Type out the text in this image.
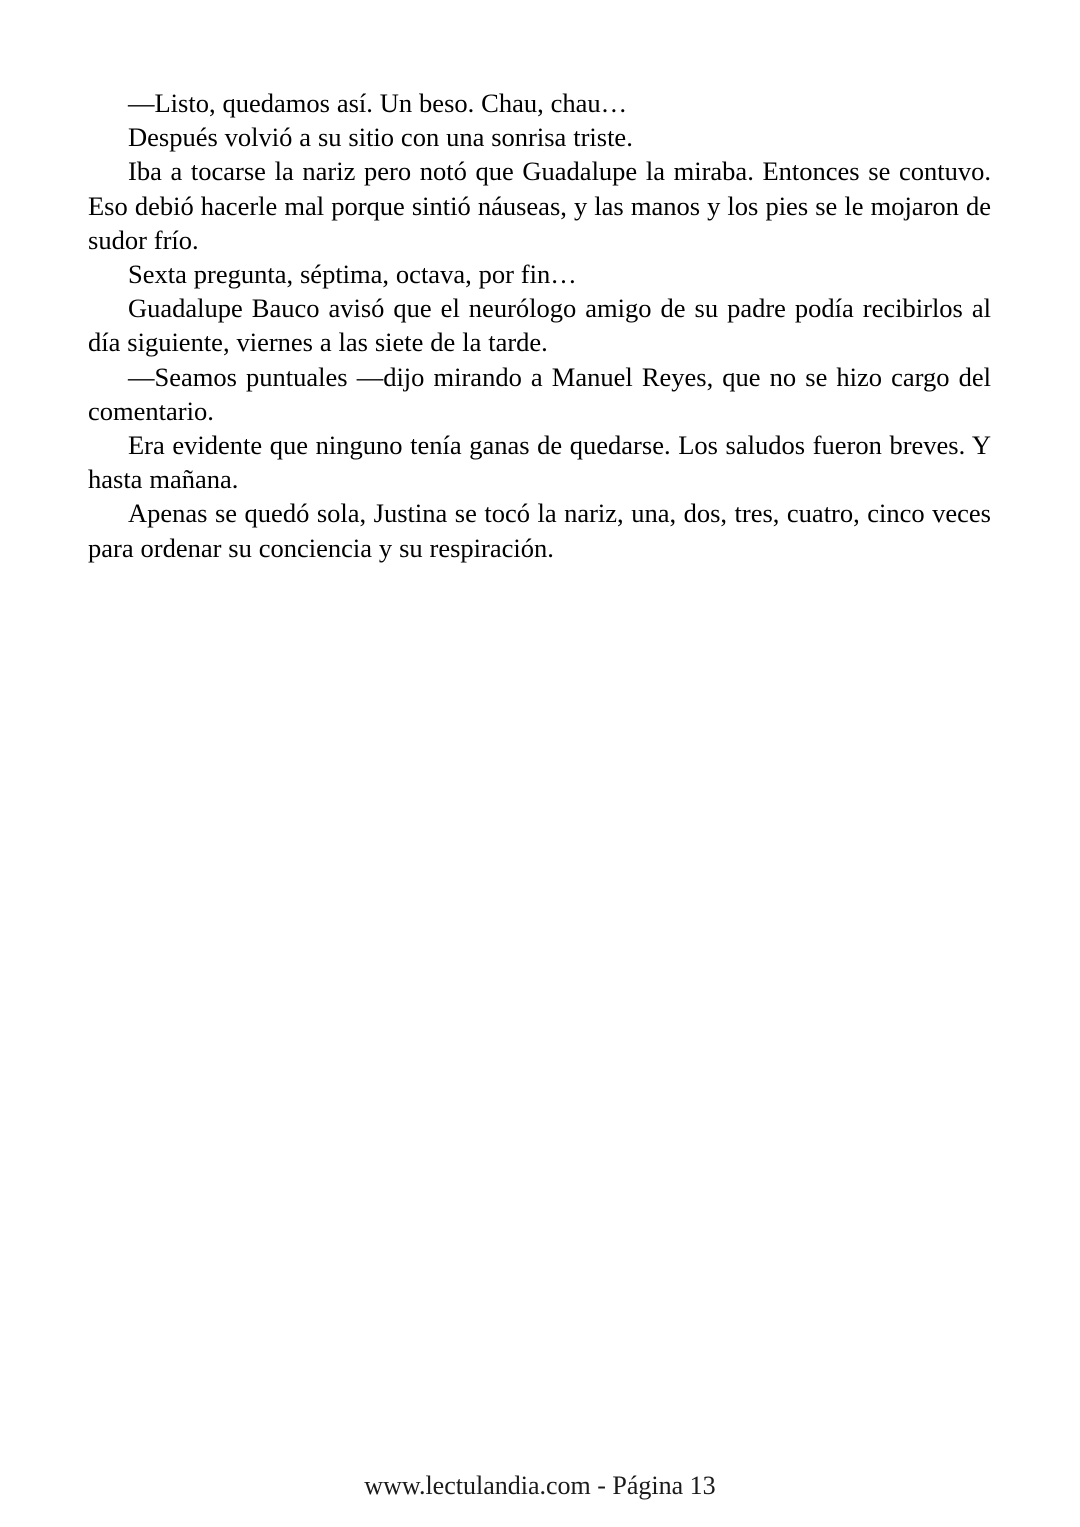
—Listo, quedamos así. Un beso. Chau, chau…

Después volvió a su sitio con una sonrisa triste.

Iba a tocarse la nariz pero notó que Guadalupe la miraba. Entonces se contuvo. Eso debió hacerle mal porque sintió náuseas, y las manos y los pies se le mojaron de sudor frío.

Sexta pregunta, séptima, octava, por fin…

Guadalupe Bauco avisó que el neurólogo amigo de su padre podía recibirlos al día siguiente, viernes a las siete de la tarde.

—Seamos puntuales —dijo mirando a Manuel Reyes, que no se hizo cargo del comentario.

Era evidente que ninguno tenía ganas de quedarse. Los saludos fueron breves. Y hasta mañana.

Apenas se quedó sola, Justina se tocó la nariz, una, dos, tres, cuatro, cinco veces para ordenar su conciencia y su respiración.

www.lectulandia.com - Página 13
